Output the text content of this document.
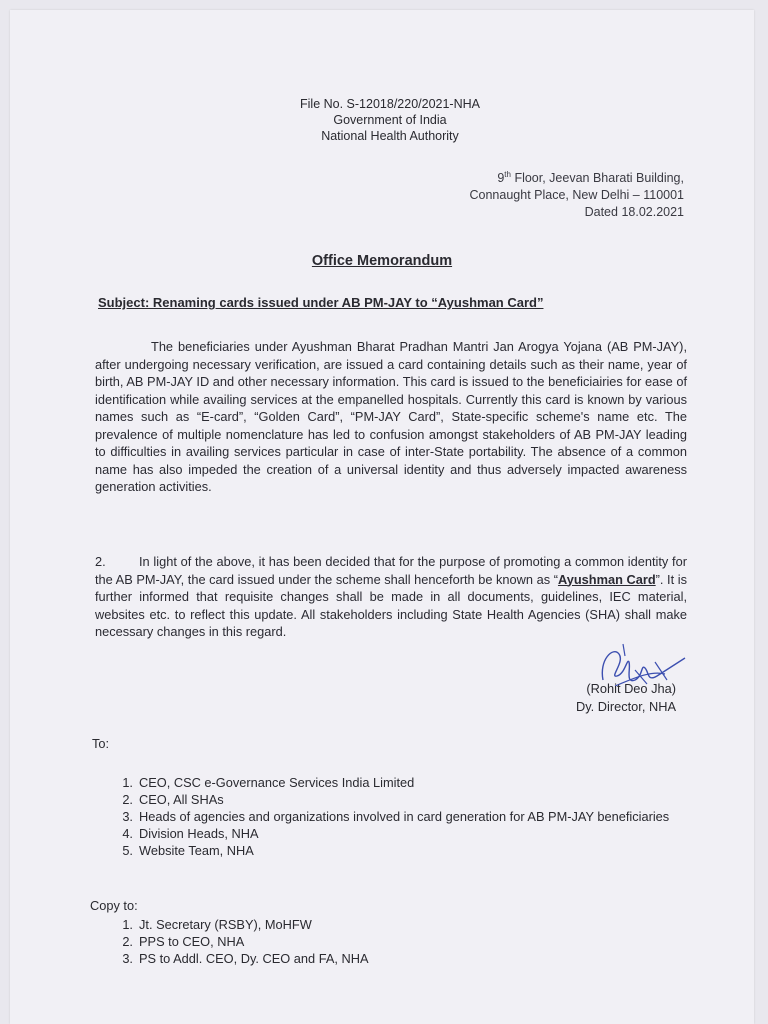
File No. S-12018/220/2021-NHA
Government of India
National Health Authority
9th Floor, Jeevan Bharati Building,
Connaught Place, New Delhi – 110001
Dated 18.02.2021
Office Memorandum
Subject: Renaming cards issued under AB PM-JAY to “Ayushman Card”
The beneficiaries under Ayushman Bharat Pradhan Mantri Jan Arogya Yojana (AB PM-JAY), after undergoing necessary verification, are issued a card containing details such as their name, year of birth, AB PM-JAY ID and other necessary information. This card is issued to the beneficiairies for ease of identification while availing services at the empanelled hospitals. Currently this card is known by various names such as “E-card”, “Golden Card”, “PM-JAY Card”, State-specific scheme's name etc. The prevalence of multiple nomenclature has led to confusion amongst stakeholders of AB PM-JAY leading to difficulties in availing services particular in case of inter-State portability. The absence of a common name has also impeded the creation of a universal identity and thus adversely impacted awareness generation activities.
2.	In light of the above, it has been decided that for the purpose of promoting a common identity for the AB PM-JAY, the card issued under the scheme shall henceforth be known as “Ayushman Card”. It is further informed that requisite changes shall be made in all documents, guidelines, IEC material, websites etc. to reflect this update. All stakeholders including State Health Agencies (SHA) shall make necessary changes in this regard.
(Rohit Deo Jha)
Dy. Director, NHA
To:
1. CEO, CSC e-Governance Services India Limited
2. CEO, All SHAs
3. Heads of agencies and organizations involved in card generation for AB PM-JAY beneficiaries
4. Division Heads, NHA
5. Website Team, NHA
Copy to:
1. Jt. Secretary (RSBY), MoHFW
2. PPS to CEO, NHA
3. PS to Addl. CEO, Dy. CEO and FA, NHA
